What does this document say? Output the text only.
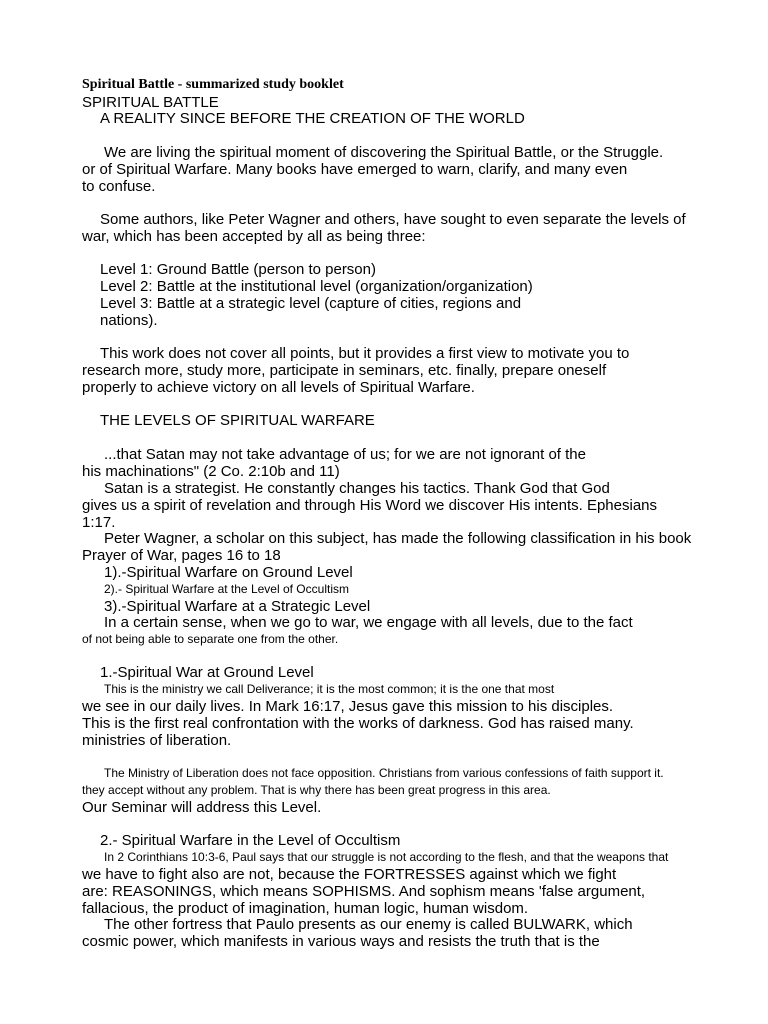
Spiritual Battle - summarized study booklet
SPIRITUAL BATTLE
A REALITY SINCE BEFORE THE CREATION OF THE WORLD
We are living the spiritual moment of discovering the Spiritual Battle, or the Struggle.
or of Spiritual Warfare. Many books have emerged to warn, clarify, and many even
to confuse.
Some authors, like Peter Wagner and others, have sought to even separate the levels of
war, which has been accepted by all as being three:
Level 1: Ground Battle (person to person)
Level 2: Battle at the institutional level (organization/organization)
Level 3: Battle at a strategic level (capture of cities, regions and
nations).
This work does not cover all points, but it provides a first view to motivate you to
research more, study more, participate in seminars, etc. finally, prepare oneself
properly to achieve victory on all levels of Spiritual Warfare.
THE LEVELS OF SPIRITUAL WARFARE
...that Satan may not take advantage of us; for we are not ignorant of the
his machinations" (2 Co. 2:10b and 11)
Satan is a strategist. He constantly changes his tactics. Thank God that God
gives us a spirit of revelation and through His Word we discover His intents. Ephesians
1:17.
Peter Wagner, a scholar on this subject, has made the following classification in his book
Prayer of War, pages 16 to 18
1).-Spiritual Warfare on Ground Level
2).- Spiritual Warfare at the Level of Occultism
3).-Spiritual Warfare at a Strategic Level
In a certain sense, when we go to war, we engage with all levels, due to the fact
of not being able to separate one from the other.
1.-Spiritual War at Ground Level
This is the ministry we call Deliverance; it is the most common; it is the one that most
we see in our daily lives. In Mark 16:17, Jesus gave this mission to his disciples.
This is the first real confrontation with the works of darkness. God has raised many.
ministries of liberation.
The Ministry of Liberation does not face opposition. Christians from various confessions of faith support it.
they accept without any problem. That is why there has been great progress in this area.
Our Seminar will address this Level.
2.- Spiritual Warfare in the Level of Occultism
In 2 Corinthians 10:3-6, Paul says that our struggle is not according to the flesh, and that the weapons that
we have to fight also are not, because the FORTRESSES against which we fight
are: REASONINGS, which means SOPHISMS. And sophism means 'false argument,
fallacious, the product of imagination, human logic, human wisdom.
The other fortress that Paulo presents as our enemy is called BULWARK, which
cosmic power, which manifests in various ways and resists the truth that is the
